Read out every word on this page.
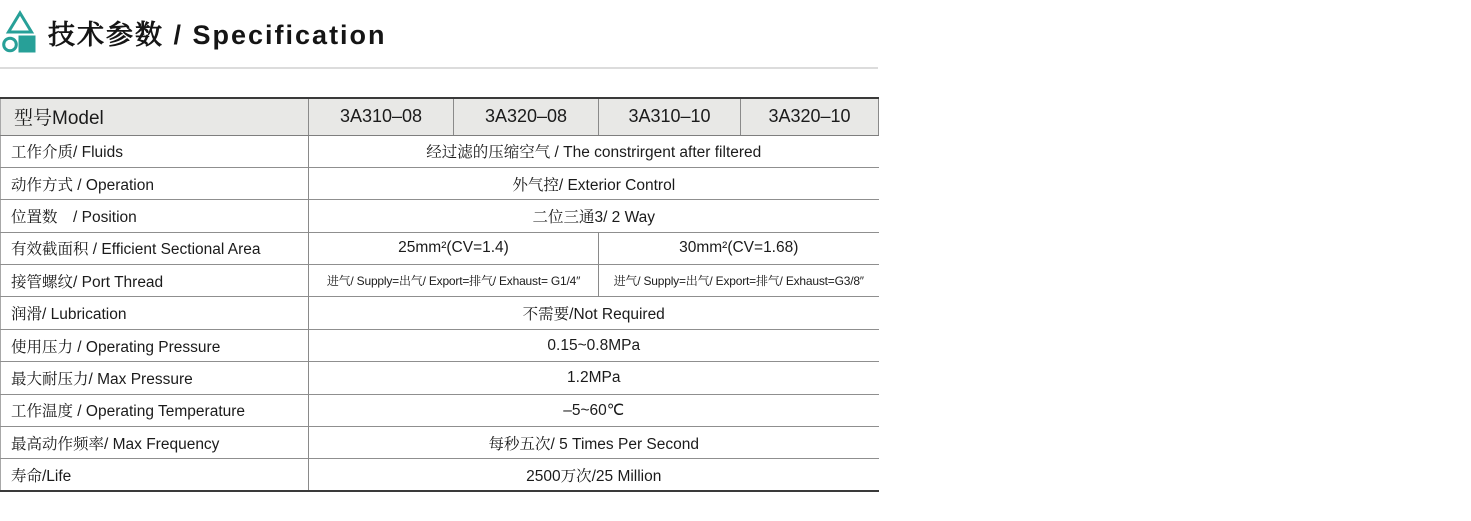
技术参数 / Specification
型号Model	3A310–08	3A320–08	3A310–10	3A320–10
工作介质/ Fluids	经过滤的压缩空气 / The constrirgent after filtered			
动作方式 / Operation	外气控/ Exterior Control			
位置数　/ Position	二位三通3/ 2 Way			
有效截面积 / Efficient Sectional Area	25mm²(CV=1.4)		30mm²(CV=1.68)	
接管螺纹/ Port Thread	进气/ Supply=出气/ Export=排气/ Exhaust= G1/4″		进气/ Supply=出气/ Export=排气/ Exhaust=G3/8″	
润滑/ Lubrication	不需要/Not Required			
使用压力 / Operating Pressure	0.15~0.8MPa			
最大耐压力/ Max Pressure	1.2MPa			
工作温度 / Operating Temperature	–5~60℃			
最高动作频率/ Max Frequency	每秒五次/ 5 Times Per Second			
寿命/Life	2500万次/25 Million			
